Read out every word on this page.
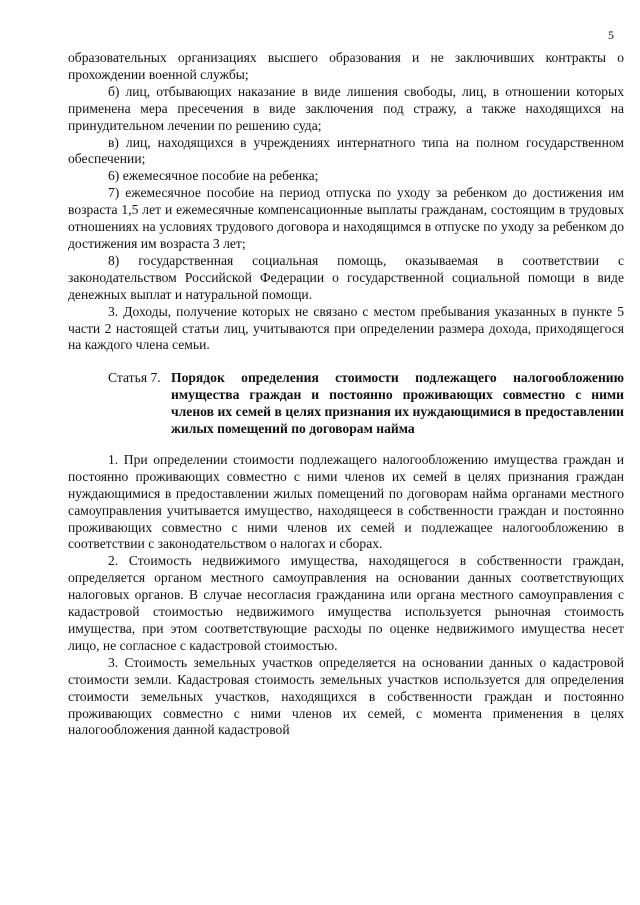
5

образовательных организациях высшего образования и не заключивших контракты о прохождении военной службы;

б) лиц, отбывающих наказание в виде лишения свободы, лиц, в отношении которых применена мера пресечения в виде заключения под стражу, а также находящихся на принудительном лечении по решению суда;

в) лиц, находящихся в учреждениях интернатного типа на полном государственном обеспечении;

6) ежемесячное пособие на ребенка;

7) ежемесячное пособие на период отпуска по уходу за ребенком до достижения им возраста 1,5 лет и ежемесячные компенсационные выплаты гражданам, состоящим в трудовых отношениях на условиях трудового договора и находящимся в отпуске по уходу за ребенком до достижения им возраста 3 лет;

8) государственная социальная помощь, оказываемая в соответствии с законодательством Российской Федерации о государственной социальной помощи в виде денежных выплат и натуральной помощи.

3. Доходы, получение которых не связано с местом пребывания указанных в пункте 5 части 2 настоящей статьи лиц, учитываются при определении размера дохода, приходящегося на каждого члена семьи.

Статья 7. Порядок определения стоимости подлежащего налогообложению имущества граждан и постоянно проживающих совместно с ними членов их семей в целях признания их нуждающимися в предоставлении жилых помещений по договорам найма

1. При определении стоимости подлежащего налогообложению имущества граждан и постоянно проживающих совместно с ними членов их семей в целях признания граждан нуждающимися в предоставлении жилых помещений по договорам найма органами местного самоуправления учитывается имущество, находящееся в собственности граждан и постоянно проживающих совместно с ними членов их семей и подлежащее налогообложению в соответствии с законодательством о налогах и сборах.

2. Стоимость недвижимого имущества, находящегося в собственности граждан, определяется органом местного самоуправления на основании данных соответствующих налоговых органов. В случае несогласия гражданина или органа местного самоуправления с кадастровой стоимостью недвижимого имущества используется рыночная стоимость имущества, при этом соответствующие расходы по оценке недвижимого имущества несет лицо, не согласное с кадастровой стоимостью.

3. Стоимость земельных участков определяется на основании данных о кадастровой стоимости земли. Кадастровая стоимость земельных участков используется для определения стоимости земельных участков, находящихся в собственности граждан и постоянно проживающих совместно с ними членов их семей, с момента применения в целях налогообложения данной кадастровой
